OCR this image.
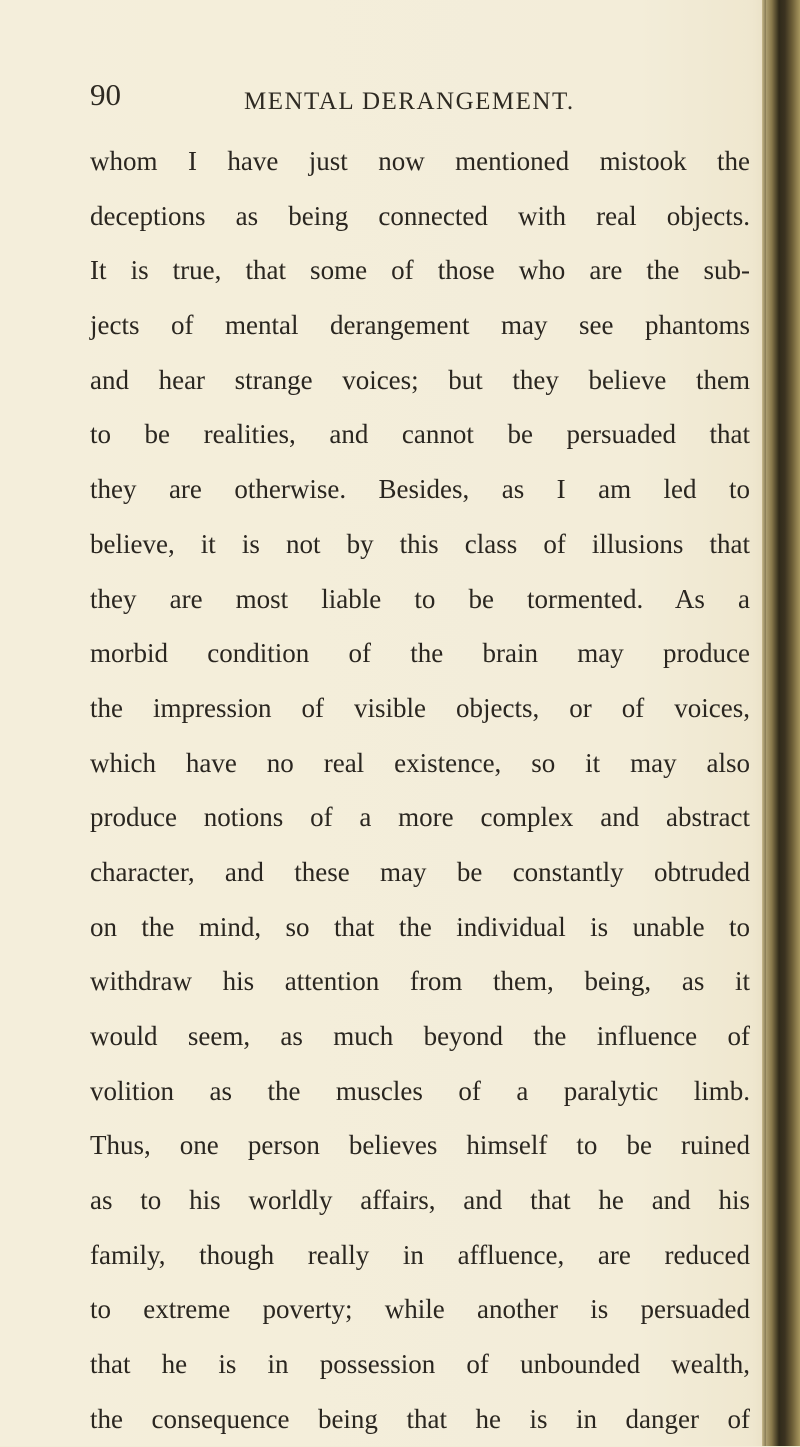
90	MENTAL DERANGEMENT.
whom I have just now mentioned mistook the
deceptions as being connected with real objects.
It is true, that some of those who are the sub-
jects of mental derangement may see phantoms
and hear strange voices; but they believe them
to be realities, and cannot be persuaded that
they are otherwise. Besides, as I am led to
believe, it is not by this class of illusions that
they are most liable to be tormented. As a
morbid condition of the brain may produce
the impression of visible objects, or of voices,
which have no real existence, so it may also
produce notions of a more complex and abstract
character, and these may be constantly obtruded
on the mind, so that the individual is unable to
withdraw his attention from them, being, as it
would seem, as much beyond the influence of
volition as the muscles of a paralytic limb.
Thus, one person believes himself to be ruined
as to his worldly affairs, and that he and his
family, though really in affluence, are reduced
to extreme poverty; while another is persuaded
that he is in possession of unbounded wealth,
the consequence being that he is in danger of
